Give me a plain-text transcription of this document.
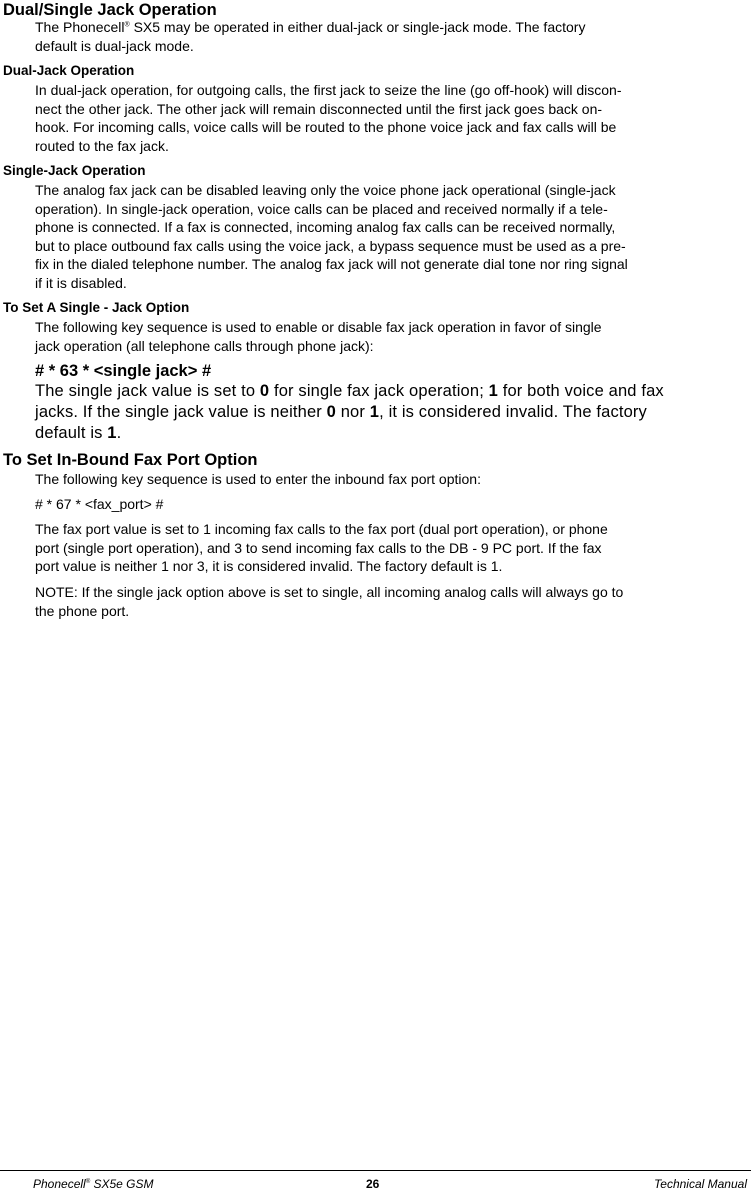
Dual/Single Jack Operation
The Phonecell® SX5 may be operated in either dual-jack or single-jack mode. The factory
default is dual-jack mode.
Dual-Jack Operation
In dual-jack operation, for outgoing calls, the first jack to seize the line (go off-hook) will discon-
nect the other jack. The other jack will remain disconnected until the first jack goes back on-
hook. For incoming calls, voice calls will be routed to the phone voice jack and fax calls will be
routed to the fax jack.
Single-Jack Operation
The analog fax jack can be disabled leaving only the voice phone jack operational (single-jack
operation). In single-jack operation, voice calls can be placed and received normally if a tele-
phone is connected. If a fax is connected, incoming analog fax calls can be received normally,
but to place outbound fax calls using the voice jack, a bypass sequence must be used as a pre-
fix in the dialed telephone number. The analog fax jack will not generate dial tone nor ring signal
if it is disabled.
To Set A Single - Jack Option
The following key sequence is used to enable or disable fax jack operation in favor of single
jack operation (all telephone calls through phone jack):
# * 63 * <single jack> #
The single jack value is set to 0 for single fax jack operation; 1 for both voice and fax
jacks. If the single jack value is neither 0 nor 1, it is considered invalid. The factory
default is 1.
To Set In-Bound Fax Port Option
The following key sequence is used to enter the inbound fax port option:
# * 67 * <fax_port> #
The fax port value is set to 1 incoming fax calls to the fax port (dual port operation), or phone
port (single port operation), and 3 to send incoming fax calls to the DB - 9 PC port. If the fax
port value is neither 1 nor 3, it is considered invalid. The factory default is 1.
NOTE: If the single jack option above is set to single, all incoming analog calls will always go to
the phone port.
Phonecell® SX5e GSM	26	Technical Manual
